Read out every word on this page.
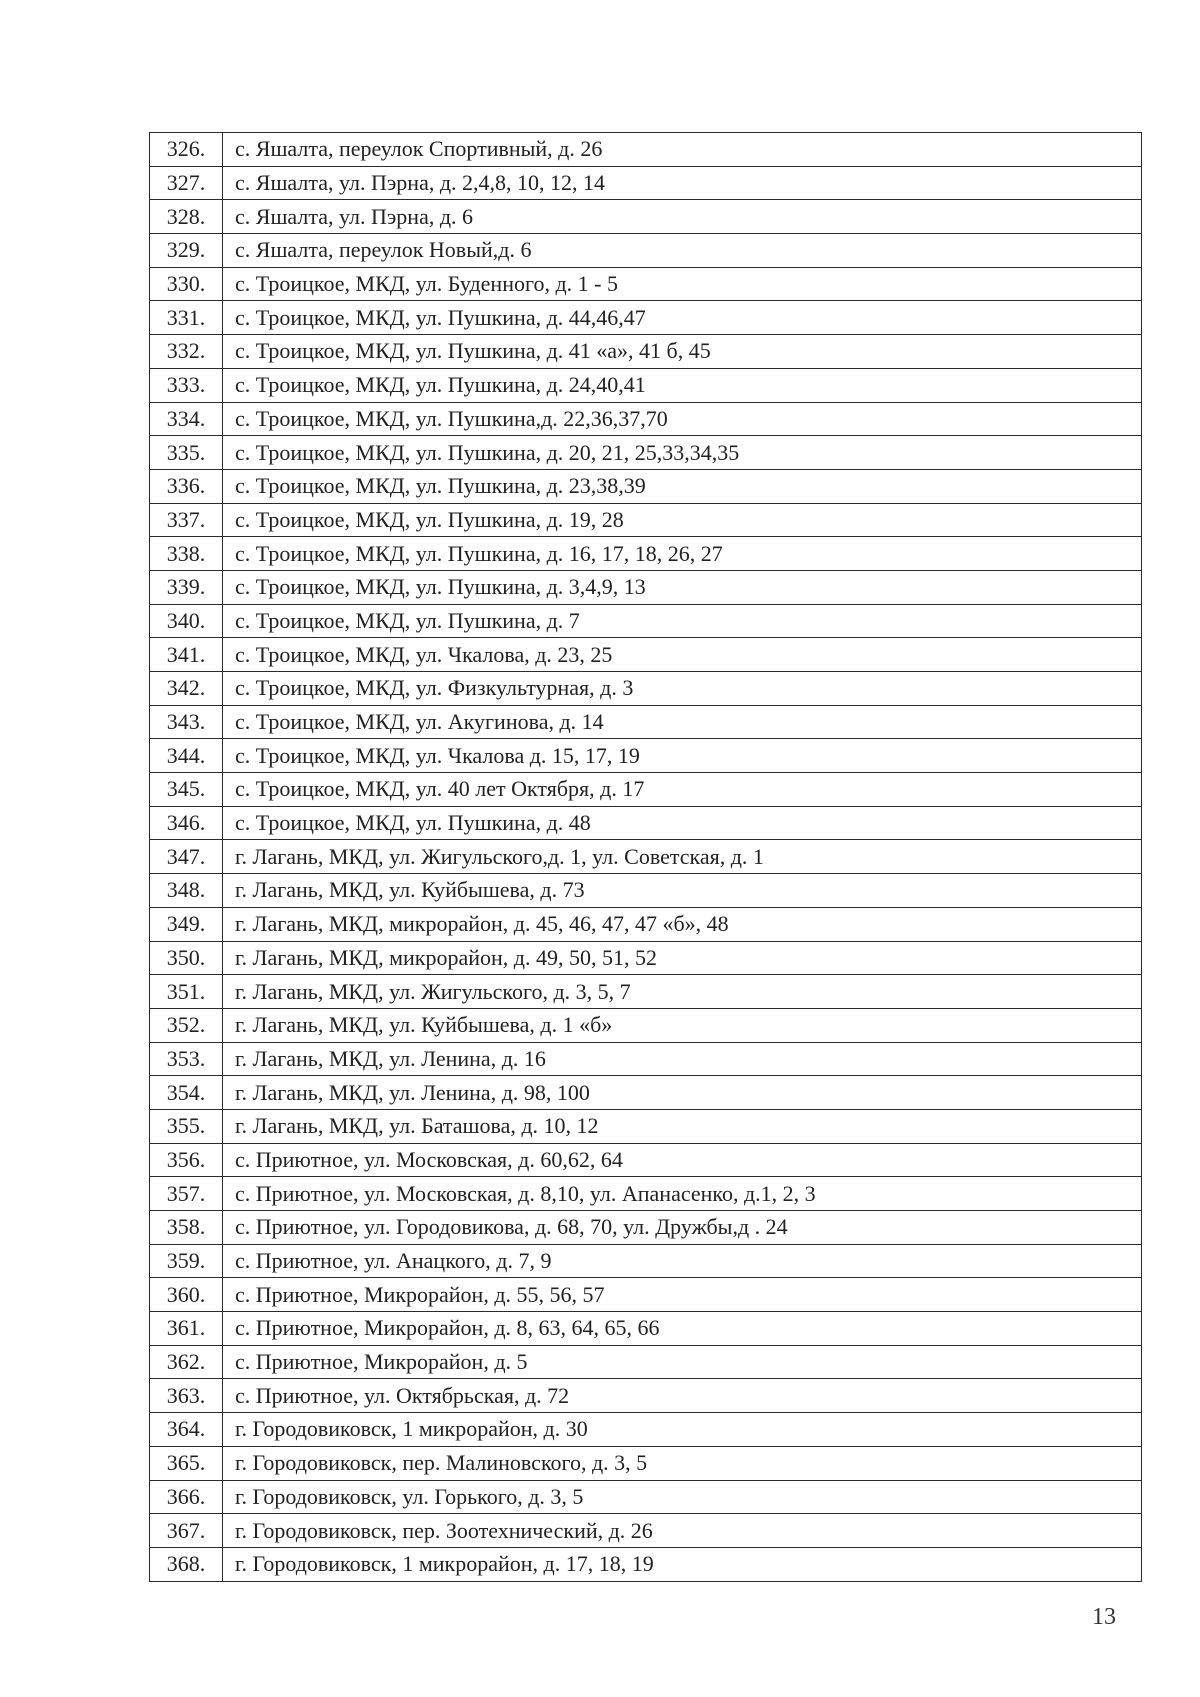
326.	с. Яшалта, переулок Спортивный, д. 26
327.	с. Яшалта, ул. Пэрна, д. 2,4,8, 10, 12, 14
328.	с. Яшалта, ул. Пэрна, д. 6
329.	с. Яшалта, переулок Новый,д. 6
330.	с. Троицкое, МКД, ул. Буденного, д. 1 - 5
331.	с. Троицкое, МКД, ул. Пушкина, д. 44,46,47
332.	с. Троицкое, МКД, ул. Пушкина, д. 41 «а», 41 б, 45
333.	с. Троицкое, МКД, ул. Пушкина, д. 24,40,41
334.	с. Троицкое, МКД, ул. Пушкина,д. 22,36,37,70
335.	с. Троицкое, МКД, ул. Пушкина, д. 20, 21, 25,33,34,35
336.	с. Троицкое, МКД, ул. Пушкина, д. 23,38,39
337.	с. Троицкое, МКД, ул. Пушкина, д. 19, 28
338.	с. Троицкое, МКД, ул. Пушкина, д. 16, 17, 18, 26, 27
339.	с. Троицкое, МКД, ул. Пушкина, д. 3,4,9, 13
340.	с. Троицкое, МКД, ул. Пушкина, д. 7
341.	с. Троицкое, МКД, ул. Чкалова, д. 23, 25
342.	с. Троицкое, МКД, ул. Физкультурная, д. 3
343.	с. Троицкое, МКД, ул. Акугинова, д. 14
344.	с. Троицкое, МКД, ул. Чкалова д. 15, 17, 19
345.	с. Троицкое, МКД, ул. 40 лет Октября, д. 17
346.	с. Троицкое, МКД, ул. Пушкина, д. 48
347.	г. Лагань, МКД, ул. Жигульского,д. 1, ул. Советская, д. 1
348.	г. Лагань, МКД, ул. Куйбышева, д. 73
349.	г. Лагань, МКД, микрорайон, д. 45, 46, 47, 47 «б», 48
350.	г. Лагань, МКД, микрорайон, д. 49, 50, 51, 52
351.	г. Лагань, МКД, ул. Жигульского, д. 3, 5, 7
352.	г. Лагань, МКД, ул. Куйбышева, д. 1 «б»
353.	г. Лагань, МКД, ул. Ленина, д. 16
354.	г. Лагань, МКД, ул. Ленина, д. 98, 100
355.	г. Лагань, МКД, ул. Баташова, д. 10, 12
356.	с. Приютное, ул. Московская, д. 60,62, 64
357.	с. Приютное, ул. Московская, д. 8,10, ул. Апанасенко, д.1, 2, 3
358.	с. Приютное, ул. Городовикова, д. 68, 70, ул. Дружбы,д . 24
359.	с. Приютное, ул. Анацкого, д. 7, 9
360.	с. Приютное, Микрорайон, д. 55, 56, 57
361.	с. Приютное, Микрорайон, д. 8, 63, 64, 65, 66
362.	с. Приютное, Микрорайон, д. 5
363.	с. Приютное, ул. Октябрьская, д. 72
364.	г. Городовиковск, 1 микрорайон, д. 30
365.	г. Городовиковск, пер. Малиновского, д. 3, 5
366.	г. Городовиковск, ул. Горького, д. 3, 5
367.	г. Городовиковск, пер. Зоотехнический, д. 26
368.	г. Городовиковск, 1 микрорайон, д. 17, 18, 19
13
